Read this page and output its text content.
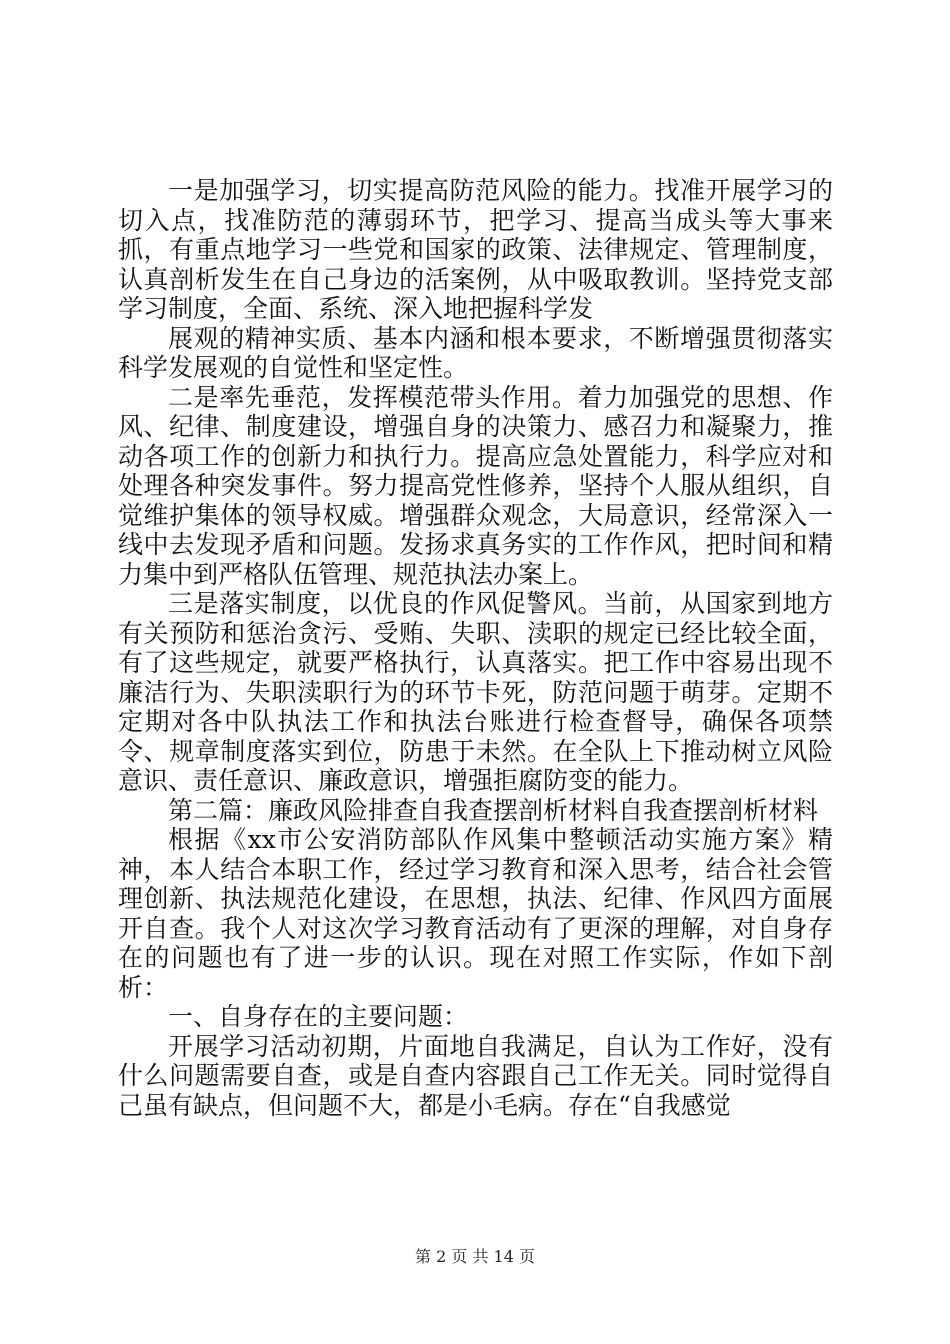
一是加强学习，切实提高防范风险的能力。找准开展学习的切入点，找准防范的薄弱环节，把学习、提高当成头等大事来抓，有重点地学习一些党和国家的政策、法律规定、管理制度，认真剖析发生在自己身边的活案例，从中吸取教训。坚持党支部学习制度，全面、系统、深入地把握科学发

展观的精神实质、基本内涵和根本要求，不断增强贯彻落实科学发展观的自觉性和坚定性。

二是率先垂范，发挥模范带头作用。着力加强党的思想、作风、纪律、制度建设，增强自身的决策力、感召力和凝聚力，推动各项工作的创新力和执行力。提高应急处置能力，科学应对和处理各种突发事件。努力提高党性修养，坚持个人服从组织，自觉维护集体的领导权威。增强群众观念，大局意识，经常深入一线中去发现矛盾和问题。发扬求真务实的工作作风，把时间和精力集中到严格队伍管理、规范执法办案上。

三是落实制度，以优良的作风促警风。当前，从国家到地方有关预防和惩治贪污、受贿、失职、渎职的规定已经比较全面，有了这些规定，就要严格执行，认真落实。把工作中容易出现不廉洁行为、失职渎职行为的环节卡死，防范问题于萌芽。定期不定期对各中队执法工作和执法台账进行检查督导，确保各项禁令、规章制度落实到位，防患于未然。在全队上下推动树立风险意识、责任意识、廉政意识，增强拒腐防变的能力。

第二篇：廉政风险排查自我查摆剖析材料自我查摆剖析材料

根据《xx市公安消防部队作风集中整顿活动实施方案》精神，本人结合本职工作，经过学习教育和深入思考，结合社会管理创新、执法规范化建设，在思想，执法、纪律、作风四方面展开自查。我个人对这次学习教育活动有了更深的理解，对自身存在的问题也有了进一步的认识。现在对照工作实际，作如下剖析：

一、自身存在的主要问题：

开展学习活动初期，片面地自我满足，自认为工作好，没有什么问题需要自查，或是自查内容跟自己工作无关。同时觉得自己虽有缺点，但问题不大，都是小毛病。存在“自我感觉

第 2 页 共 14 页
